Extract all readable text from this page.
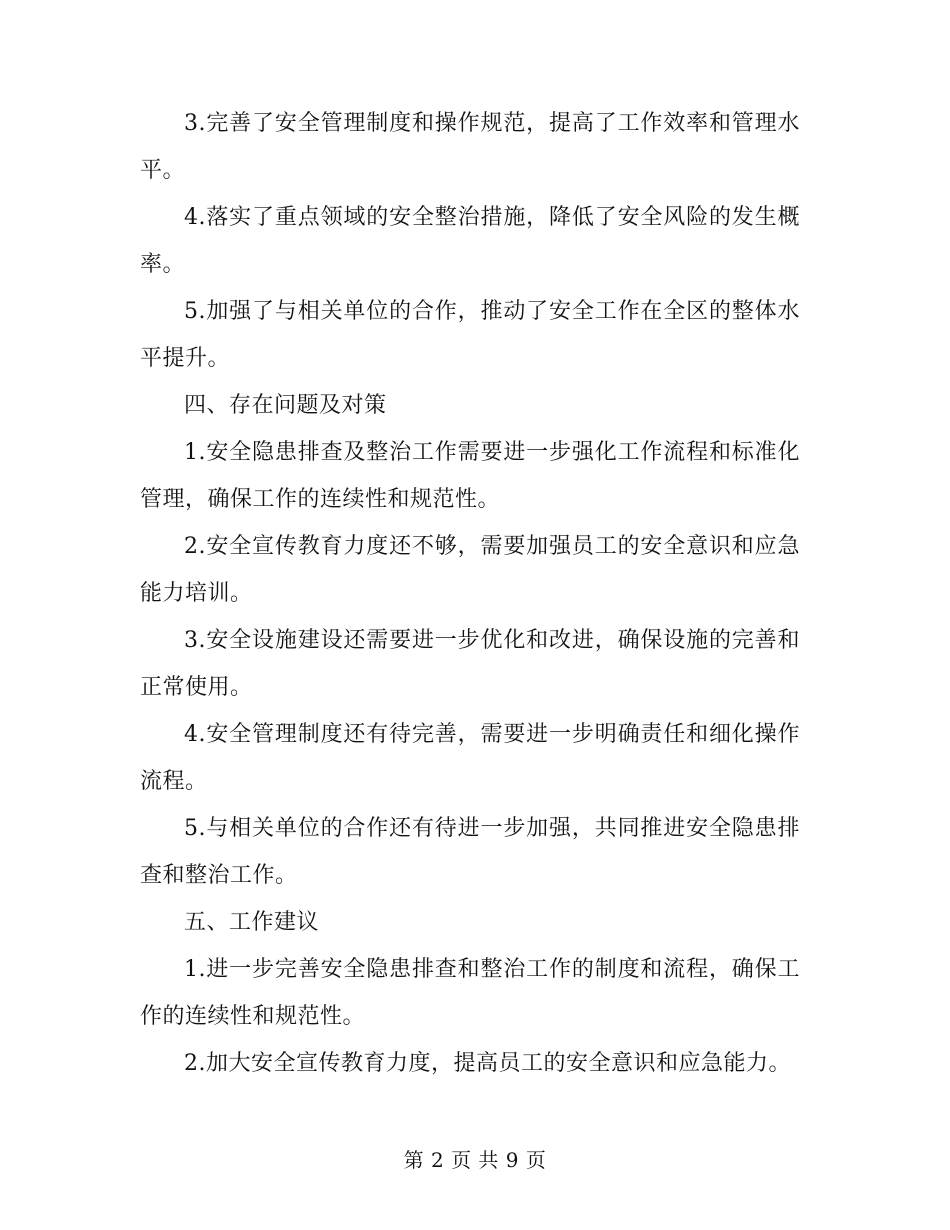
3.完善了安全管理制度和操作规范，提高了工作效率和管理水平。

4.落实了重点领域的安全整治措施，降低了安全风险的发生概率。

5.加强了与相关单位的合作，推动了安全工作在全区的整体水平提升。

四、存在问题及对策

1.安全隐患排查及整治工作需要进一步强化工作流程和标准化管理，确保工作的连续性和规范性。

2.安全宣传教育力度还不够，需要加强员工的安全意识和应急能力培训。

3.安全设施建设还需要进一步优化和改进，确保设施的完善和正常使用。

4.安全管理制度还有待完善，需要进一步明确责任和细化操作流程。

5.与相关单位的合作还有待进一步加强，共同推进安全隐患排查和整治工作。

五、工作建议

1.进一步完善安全隐患排查和整治工作的制度和流程，确保工作的连续性和规范性。

2.加大安全宣传教育力度，提高员工的安全意识和应急能力。

第 2 页 共 9 页
